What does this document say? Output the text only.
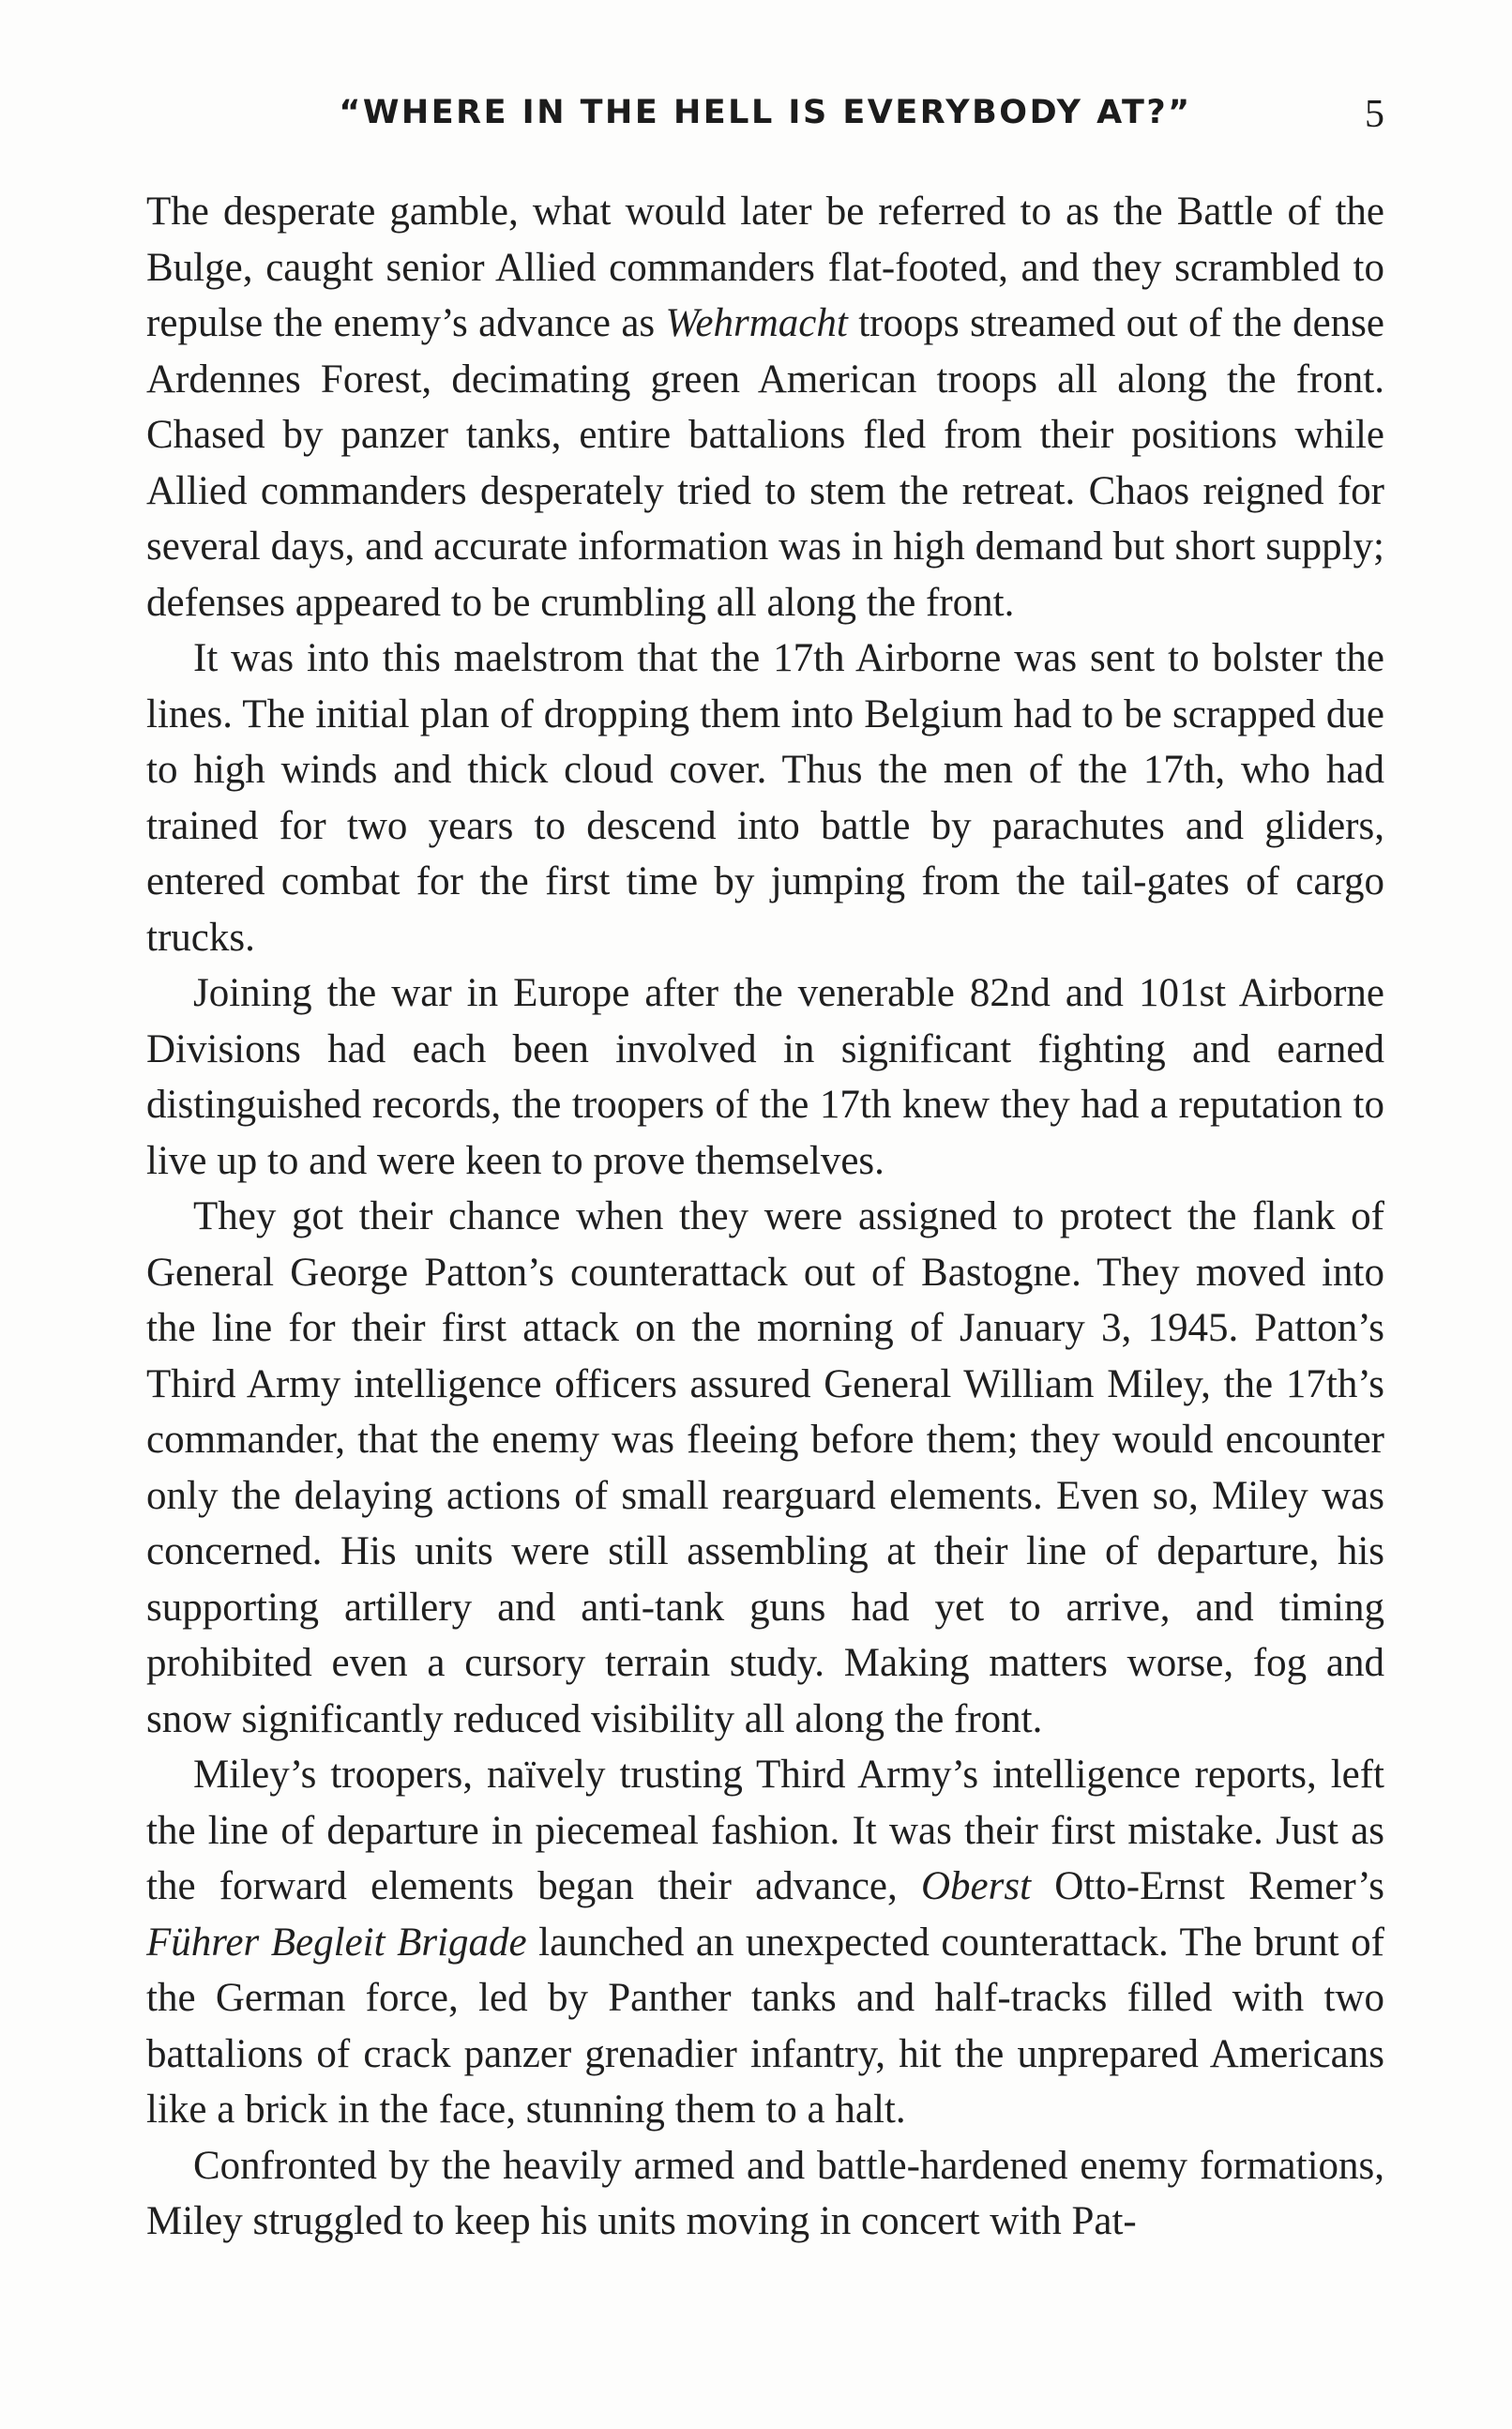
“WHERE IN THE HELL IS EVERYBODY AT?”	5

The desperate gamble, what would later be referred to as the Battle of the Bulge, caught senior Allied commanders flat-footed, and they scrambled to repulse the enemy’s advance as Wehrmacht troops streamed out of the dense Ardennes Forest, decimating green American troops all along the front. Chased by panzer tanks, entire battalions fled from their positions while Allied commanders desperately tried to stem the retreat. Chaos reigned for several days, and accurate information was in high demand but short supply; defenses appeared to be crumbling all along the front.

It was into this maelstrom that the 17th Airborne was sent to bolster the lines. The initial plan of dropping them into Belgium had to be scrapped due to high winds and thick cloud cover. Thus the men of the 17th, who had trained for two years to descend into battle by parachutes and gliders, entered combat for the first time by jumping from the tail-gates of cargo trucks.

Joining the war in Europe after the venerable 82nd and 101st Airborne Divisions had each been involved in significant fighting and earned distinguished records, the troopers of the 17th knew they had a reputation to live up to and were keen to prove themselves.

They got their chance when they were assigned to protect the flank of General George Patton’s counterattack out of Bastogne. They moved into the line for their first attack on the morning of January 3, 1945. Patton’s Third Army intelligence officers assured General William Miley, the 17th’s commander, that the enemy was fleeing before them; they would encounter only the delaying actions of small rearguard elements. Even so, Miley was concerned. His units were still assembling at their line of departure, his supporting artillery and anti-tank guns had yet to arrive, and timing prohibited even a cursory terrain study. Making matters worse, fog and snow significantly reduced visibility all along the front.

Miley’s troopers, naïvely trusting Third Army’s intelligence reports, left the line of departure in piecemeal fashion. It was their first mistake. Just as the forward elements began their advance, Oberst Otto-Ernst Remer’s Führer Begleit Brigade launched an unexpected counterattack. The brunt of the German force, led by Panther tanks and half-tracks filled with two battalions of crack panzer grenadier infantry, hit the unprepared Americans like a brick in the face, stunning them to a halt.

Confronted by the heavily armed and battle-hardened enemy formations, Miley struggled to keep his units moving in concert with Pat-
